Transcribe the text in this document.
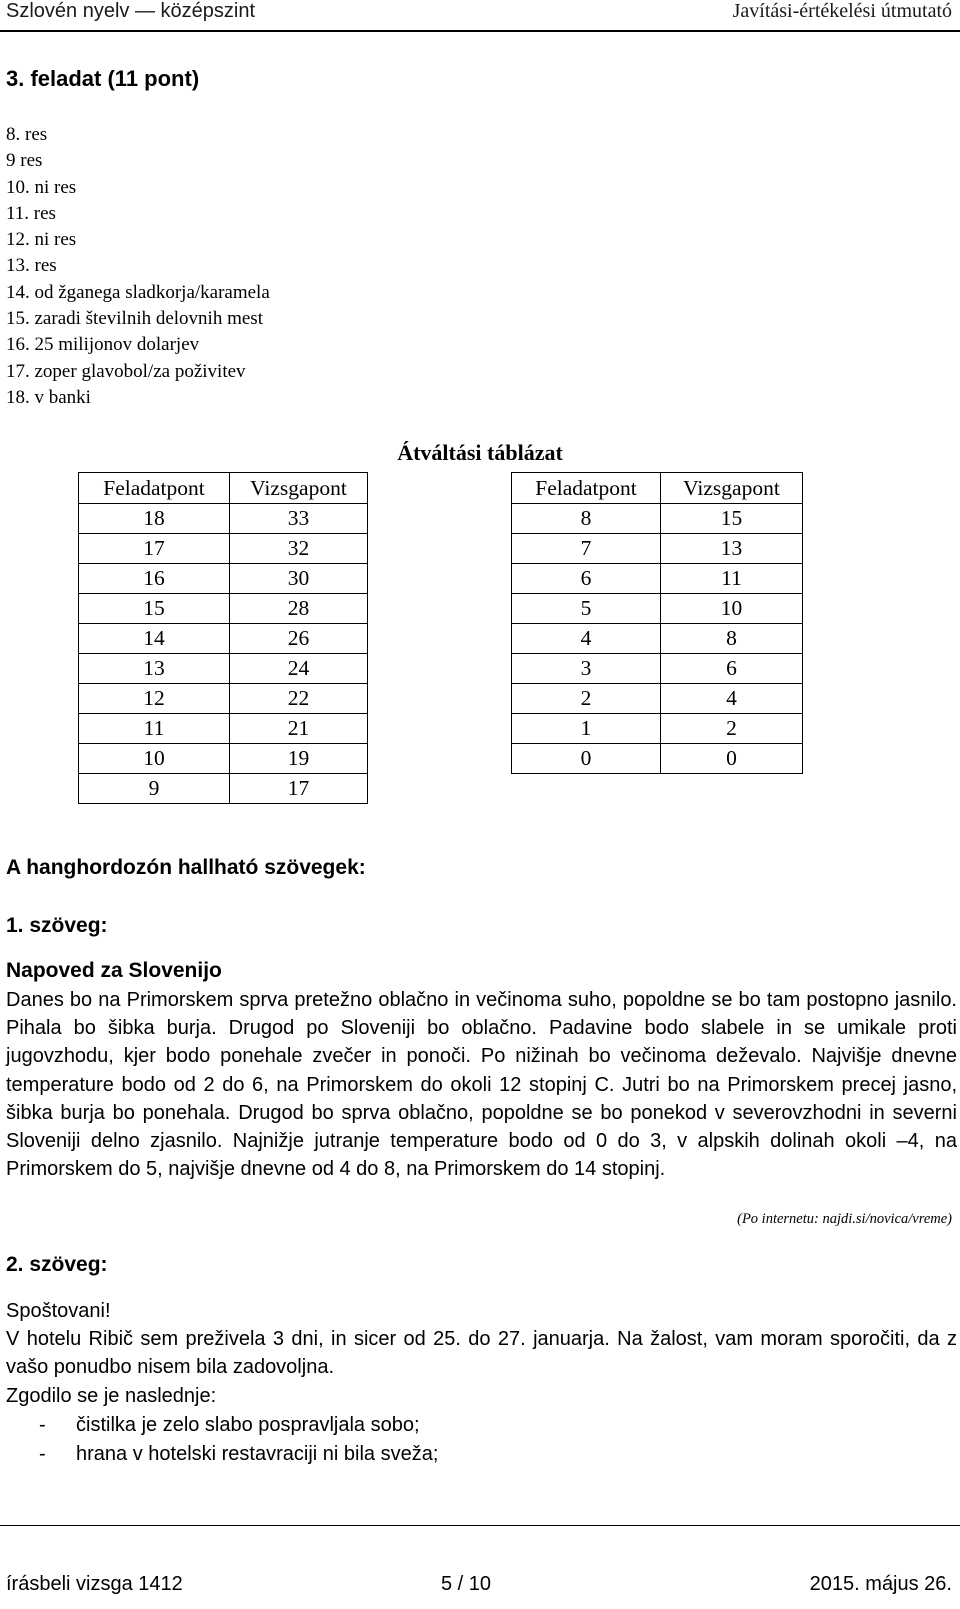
Szlovén nyelv — középszint	Javítási-értékelési útmutató
3. feladat (11 pont)
8. res
9 res
10. ni res
11. res
12. ni res
13. res
14. od žganega sladkorja/karamela
15. zaradi številnih delovnih mest
16. 25 milijonov dolarjev
17. zoper glavobol/za poživitev
18. v banki
Átváltási táblázat
Feladatpont	Vizsgapont
18	33
17	32
16	30
15	28
14	26
13	24
12	22
11	21
10	19
9	17
Feladatpont	Vizsgapont
8	15
7	13
6	11
5	10
4	8
3	6
2	4
1	2
0	0
A hanghordozón hallható szövegek:
1. szöveg:
Napoved za Slovenijo
Danes bo na Primorskem sprva pretežno oblačno in večinoma suho, popoldne se bo tam postopno jasnilo. Pihala bo šibka burja. Drugod po Sloveniji bo oblačno. Padavine bodo slabele in se umikale proti jugovzhodu, kjer bodo ponehale zvečer in ponoči. Po nižinah bo večinoma deževalo. Najvišje dnevne temperature bodo od 2 do 6, na Primorskem do okoli 12 stopinj C. Jutri bo na Primorskem precej jasno, šibka burja bo ponehala. Drugod bo sprva oblačno, popoldne se bo ponekod v severovzhodni in severni Sloveniji delno zjasnilo. Najnižje jutranje temperature bodo od 0 do 3, v alpskih dolinah okoli –4, na Primorskem do 5, najvišje dnevne od 4 do 8, na Primorskem do 14 stopinj.
(Po internetu: najdi.si/novica/vreme)
2. szöveg:
Spoštovani!
V hotelu Ribič sem preživela 3 dni, in sicer od 25. do 27. januarja. Na žalost, vam moram sporočiti, da z vašo ponudbo nisem bila zadovoljna.
Zgodilo se je naslednje:
- čistilka je zelo slabo pospravljala sobo;
- hrana v hotelski restavraciji ni bila sveža;
írásbeli vizsga 1412	5 / 10	2015. május 26.
